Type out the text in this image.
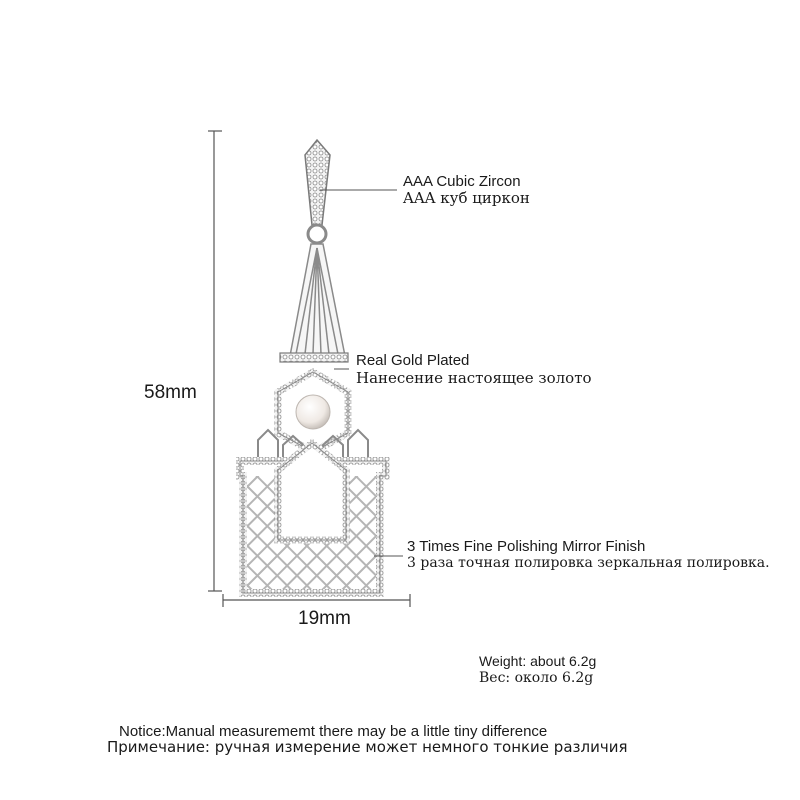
AAA Cubic Zircon
AAA куб циркон
Real Gold Plated
Нанесение настоящее золото
3 Times Fine Polishing Mirror Finish
3 раза точная полировка зеркальная полировка.
58mm
19mm
Weight: about 6.2g
Вес: около 6.2g
Notice:Manual measurememt there may be a little tiny difference
Примечание: ручная измерение может немного тонкие различия
